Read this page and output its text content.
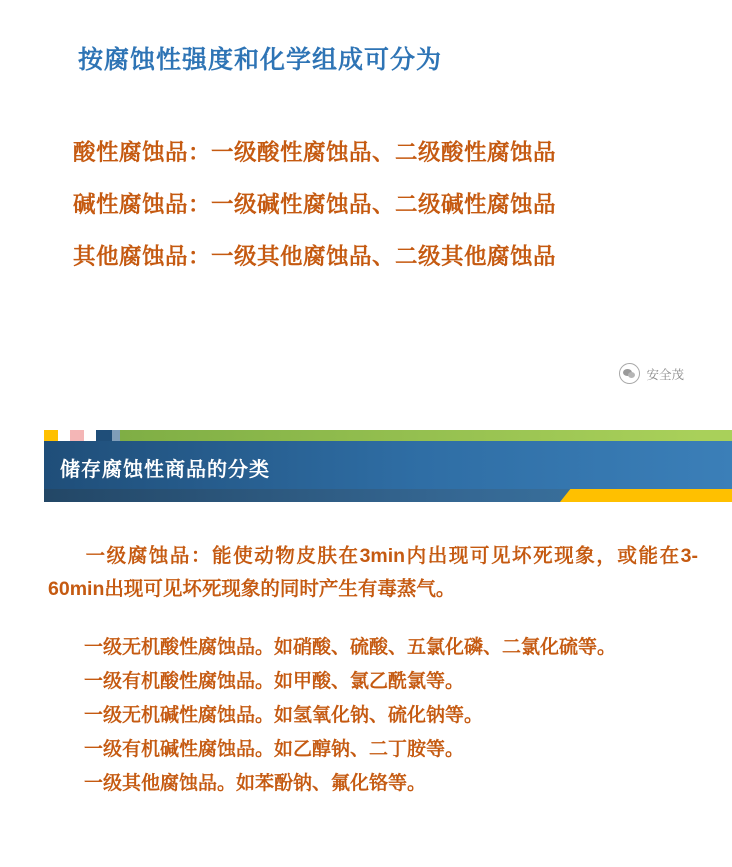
按腐蚀性强度和化学组成可分为
酸性腐蚀品：一级酸性腐蚀品、二级酸性腐蚀品
碱性腐蚀品：一级碱性腐蚀品、二级碱性腐蚀品
其他腐蚀品：一级其他腐蚀品、二级其他腐蚀品
安全茂
储存腐蚀性商品的分类

一级腐蚀品：能使动物皮肤在3min内出现可见坏死现象，或能在3-60min出现可见坏死现象的同时产生有毒蒸气。

一级无机酸性腐蚀品。如硝酸、硫酸、五氯化磷、二氯化硫等。
一级有机酸性腐蚀品。如甲酸、氯乙酰氯等。
一级无机碱性腐蚀品。如氢氧化钠、硫化钠等。
一级有机碱性腐蚀品。如乙醇钠、二丁胺等。
一级其他腐蚀品。如苯酚钠、氟化铬等。
